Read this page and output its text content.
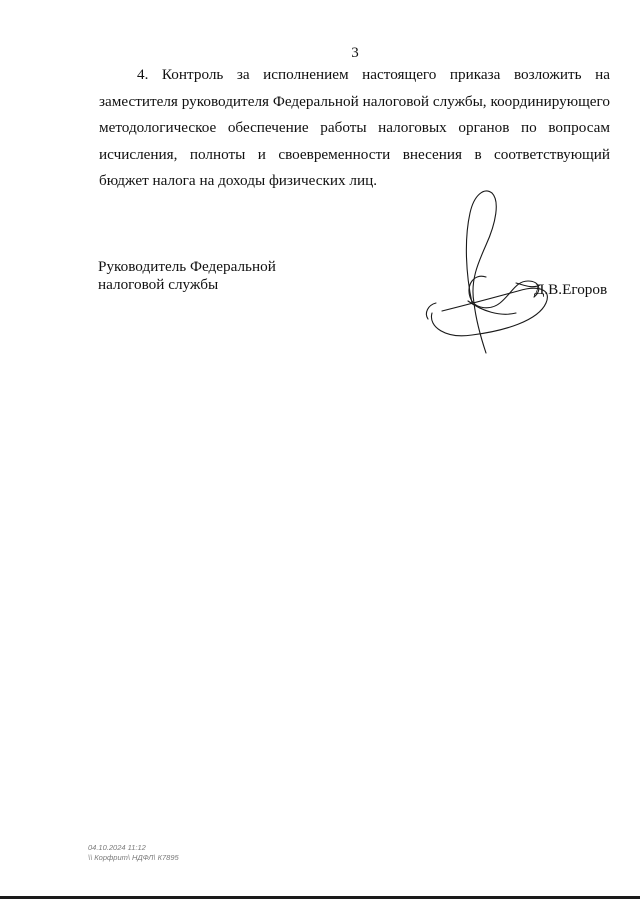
3

4. Контроль за исполнением настоящего приказа возложить на заместителя руководителя Федеральной налоговой службы, координирующего методологическое обеспечение работы налоговых органов по вопросам исчисления, полноты и своевременности внесения в соответствующий бюджет налога на доходы физических лиц.

Руководитель Федеральной
налоговой службы	Д.В.Егоров
04.10.2024 11:12
\\ Корфрит\ НДФЛ\ К7895
